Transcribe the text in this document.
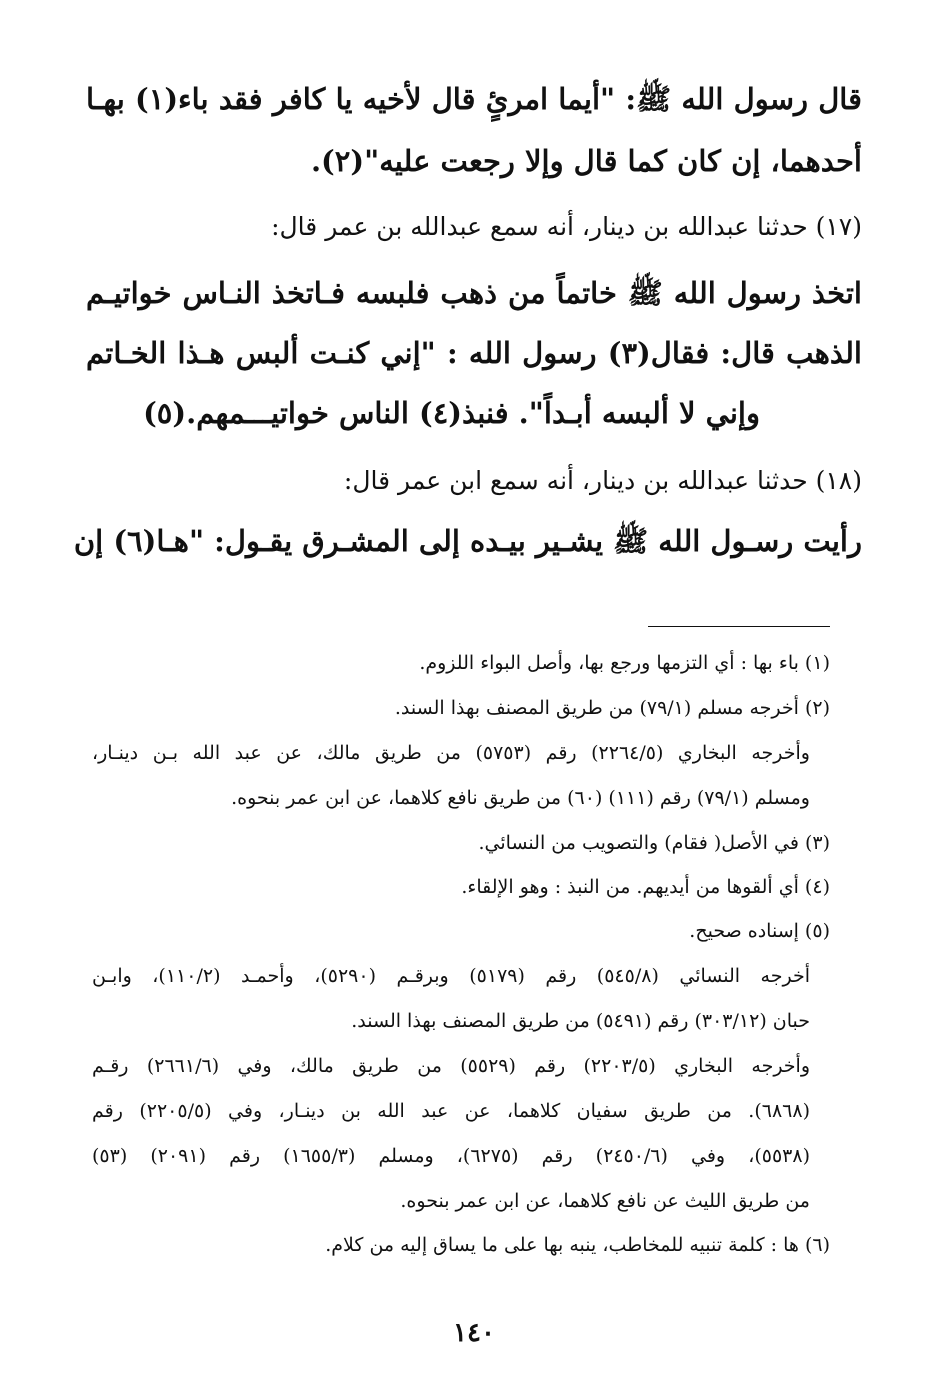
قال رسول الله ﷺ: "أيما امرئٍ قال لأخيه يا كافر فقد باء(١) بهـا
أحدهما، إن كان كما قال وإلا رجعت عليه"(٢).
(١٧) حدثنا عبدالله بن دينار، أنه سمع عبدالله بن عمر قال:
اتخذ رسول الله ﷺ خاتماً من ذهب فلبسه فـاتخذ النـاس خواتيـم
الذهب قال: فقال(٣) رسول الله : "إني كنـت ألبس هـذا الخـاتم
وإني لا ألبسه أبـداً". فنبذ(٤) الناس خواتيـــمهم.(٥)
(١٨) حدثنا عبدالله بن دينار، أنه سمع ابن عمر قال:
رأيت رسـول الله ﷺ يشـير بيـده إلى المشـرق يقـول: "هـا(٦) إن
(١) باء بها : أي التزمها ورجع بها، وأصل البواء اللزوم.
(٢) أخرجه مسلم (٧٩/١) من طريق المصنف بهذا السند.
وأخرجه البخاري (٢٢٦٤/٥) رقم (٥٧٥٣) من طريق مالك، عن عبد الله بـن دينـار،
ومسلم (٧٩/١) رقم (١١١) (٦٠) من طريق نافع كلاهما، عن ابن عمر بنحوه.
(٣) في الأصل( فقام) والتصويب من النسائي.
(٤) أي ألقوها من أيديهم. من النبذ : وهو الإلقاء.
(٥) إسناده صحيح.
أخرجه النسائي (٥٤٥/٨) رقم (٥١٧٩) وبرقـم (٥٢٩٠)، وأحمـد (١١٠/٢)، وابـن
حبان (٣٠٣/١٢) رقم (٥٤٩١) من طريق المصنف بهذا السند.
وأخرجه البخاري (٢٢٠٣/٥) رقم (٥٥٢٩) من طريق مالك، وفي (٢٦٦١/٦) رقـم
(٦٨٦٨). من طريق سفيان كلاهما، عن عبد الله بن دينـار، وفي (٢٢٠٥/٥) رقم
(٥٥٣٨)، وفي (٢٤٥٠/٦) رقم (٦٢٧٥)، ومسلم (١٦٥٥/٣) رقم (٢٠٩١) (٥٣)
من طريق الليث عن نافع كلاهما، عن ابن عمر بنحوه.
(٦) ها : كلمة تنبيه للمخاطب، ينبه بها على ما يساق إليه من كلام.
١٤٠
